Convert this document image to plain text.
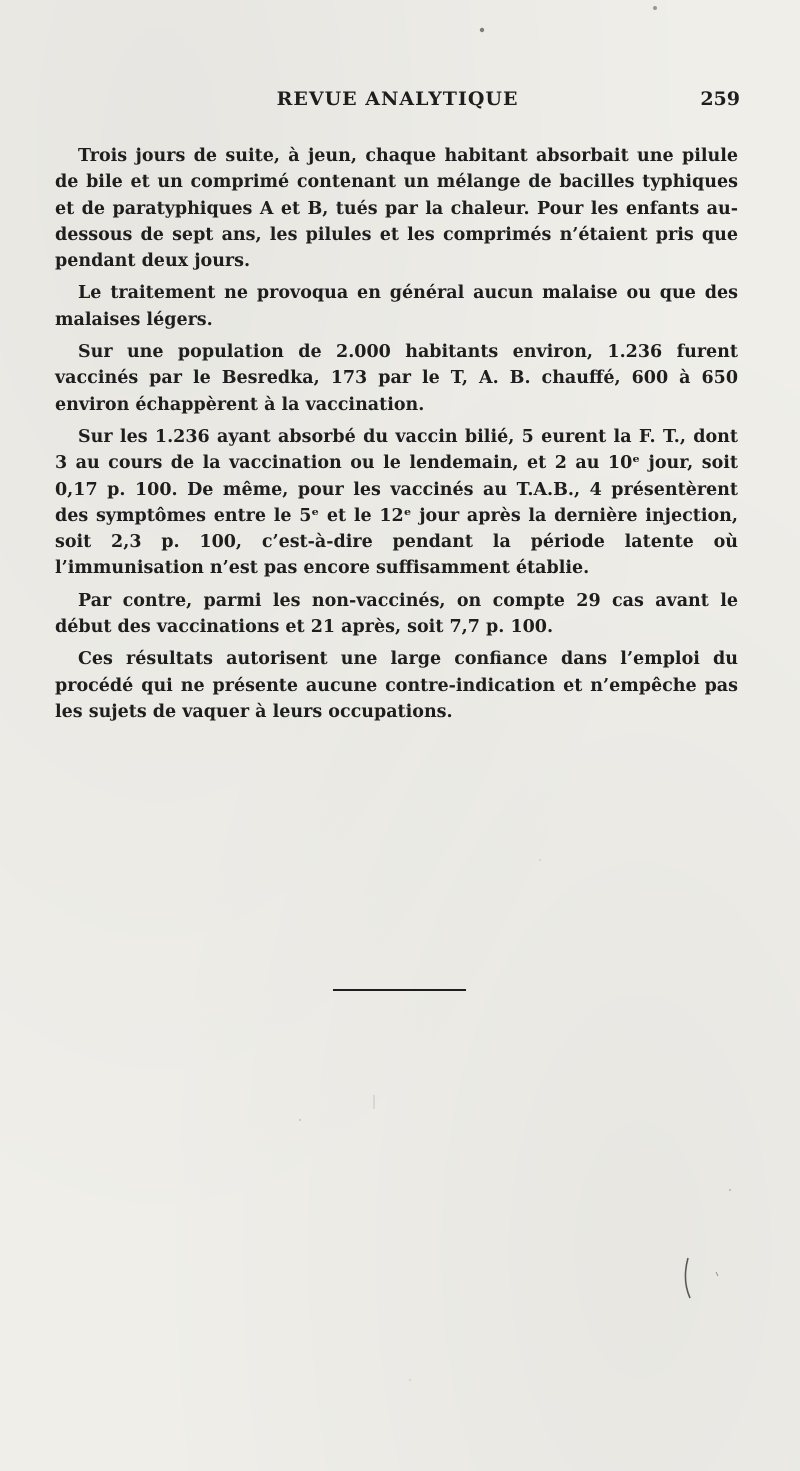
REVUE ANALYTIQUE	259

Trois jours de suite, à jeun, chaque habitant absorbait une pilule de bile et un comprimé contenant un mélange de bacilles typhiques et de paratyphiques A et B, tués par la chaleur. Pour les enfants au-dessous de sept ans, les pilules et les comprimés n’étaient pris que pendant deux jours.

Le traitement ne provoqua en général aucun malaise ou que des malaises légers.

Sur une population de 2.000 habitants environ, 1.236 furent vaccinés par le Besredka, 173 par le T, A. B. chauffé, 600 à 650 environ échappèrent à la vaccination.

Sur les 1.236 ayant absorbé du vaccin bilié, 5 eurent la F. T., dont 3 au cours de la vaccination ou le lendemain, et 2 au 10ᵉ jour, soit 0,17 p. 100. De même, pour les vaccinés au T.A.B., 4 présentèrent des symptômes entre le 5ᵉ et le 12ᵉ jour après la dernière injection, soit 2,3 p. 100, c’est-à-dire pendant la période latente où l’immunisation n’est pas encore suffisamment établie.

Par contre, parmi les non-vaccinés, on compte 29 cas avant le début des vaccinations et 21 après, soit 7,7 p. 100.

Ces résultats autorisent une large confiance dans l’emploi du procédé qui ne présente aucune contre-indication et n’empêche pas les sujets de vaquer à leurs occupations.
